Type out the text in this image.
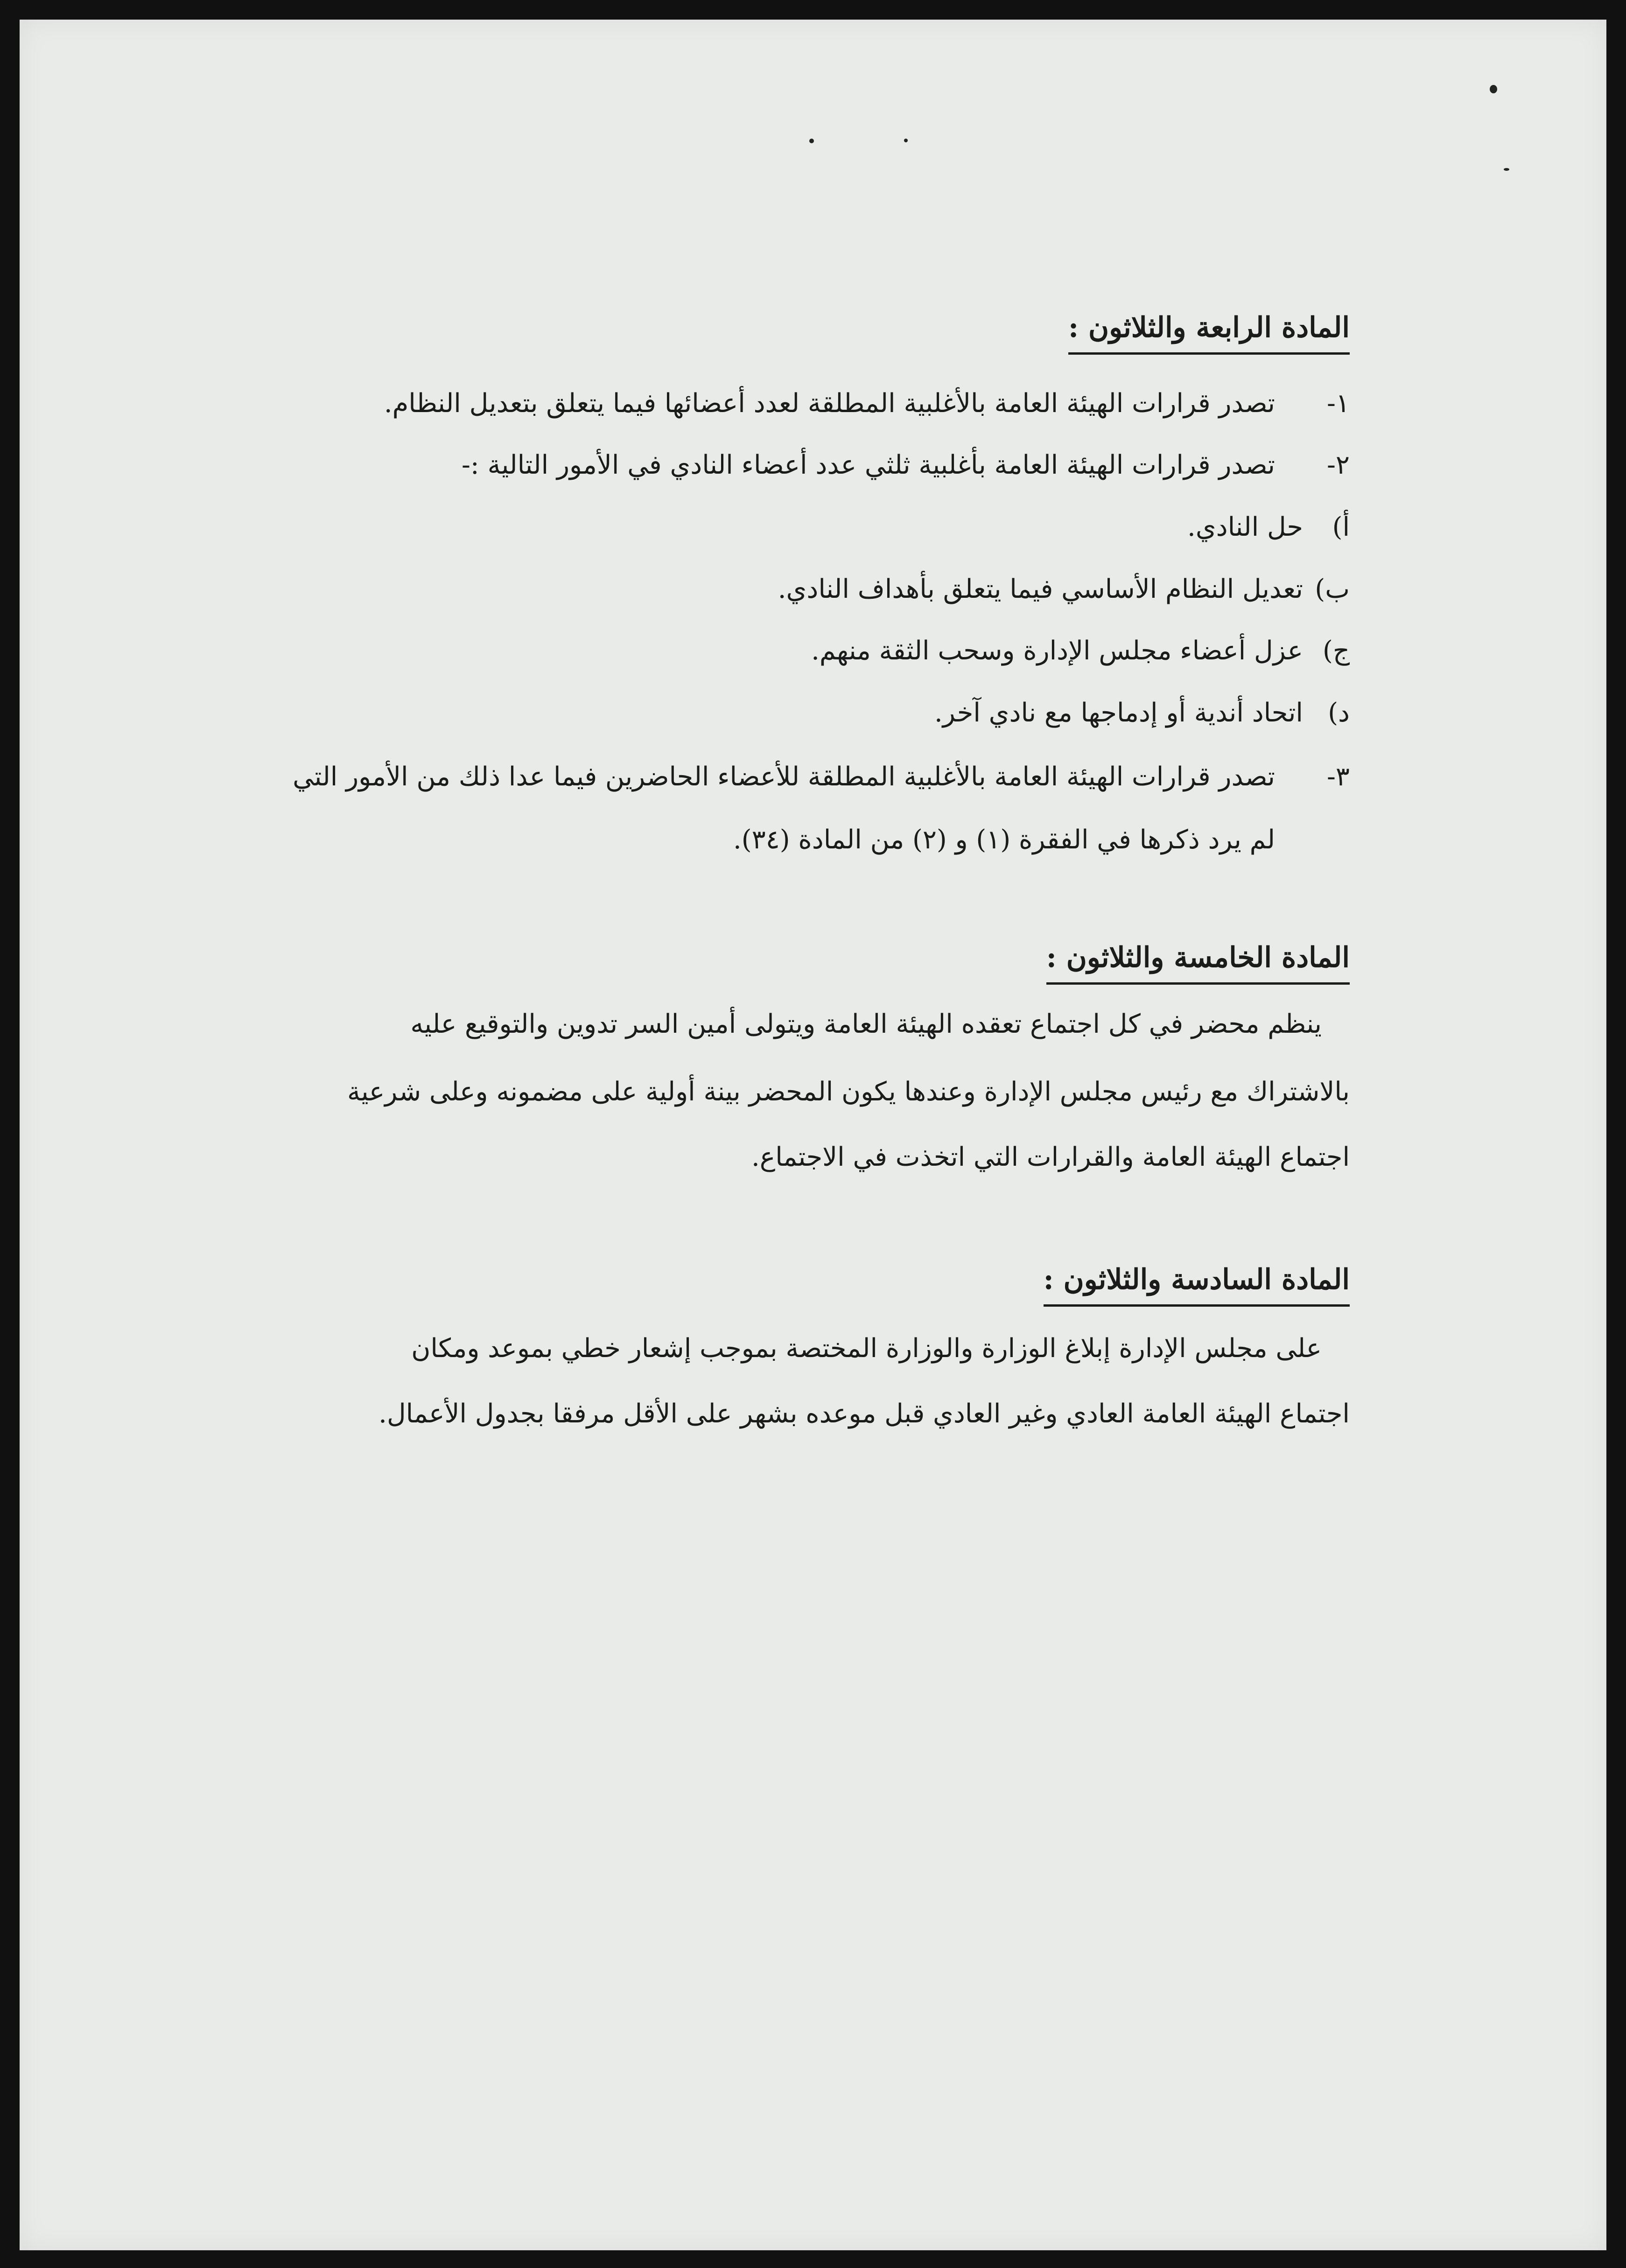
المادة الرابعة والثلاثون :
١-
تصدر قرارات الهيئة العامة بالأغلبية المطلقة لعدد أعضائها فيما يتعلق بتعديل النظام.
٢-
تصدر قرارات الهيئة العامة بأغلبية ثلثي عدد أعضاء النادي في الأمور التالية :-
أ)
حل النادي.
ب)
تعديل النظام الأساسي فيما يتعلق بأهداف النادي.
ج)
عزل أعضاء مجلس الإدارة وسحب الثقة منهم.
د)
اتحاد أندية أو إدماجها مع نادي آخر.
٣-
تصدر قرارات الهيئة العامة بالأغلبية المطلقة للأعضاء الحاضرين فيما عدا ذلك من الأمور التي
لم يرد ذكرها في الفقرة (١) و (٢) من المادة (٣٤).
المادة الخامسة والثلاثون :
ينظم محضر في كل اجتماع تعقده الهيئة العامة ويتولى أمين السر تدوين والتوقيع عليه
بالاشتراك مع رئيس مجلس الإدارة وعندها يكون المحضر بينة أولية على مضمونه وعلى شرعية
اجتماع الهيئة العامة والقرارات التي اتخذت في الاجتماع.
المادة السادسة والثلاثون :
على مجلس الإدارة إبلاغ الوزارة والوزارة المختصة بموجب إشعار خطي بموعد ومكان
اجتماع الهيئة العامة العادي وغير العادي قبل موعده بشهر على الأقل مرفقا بجدول الأعمال.
